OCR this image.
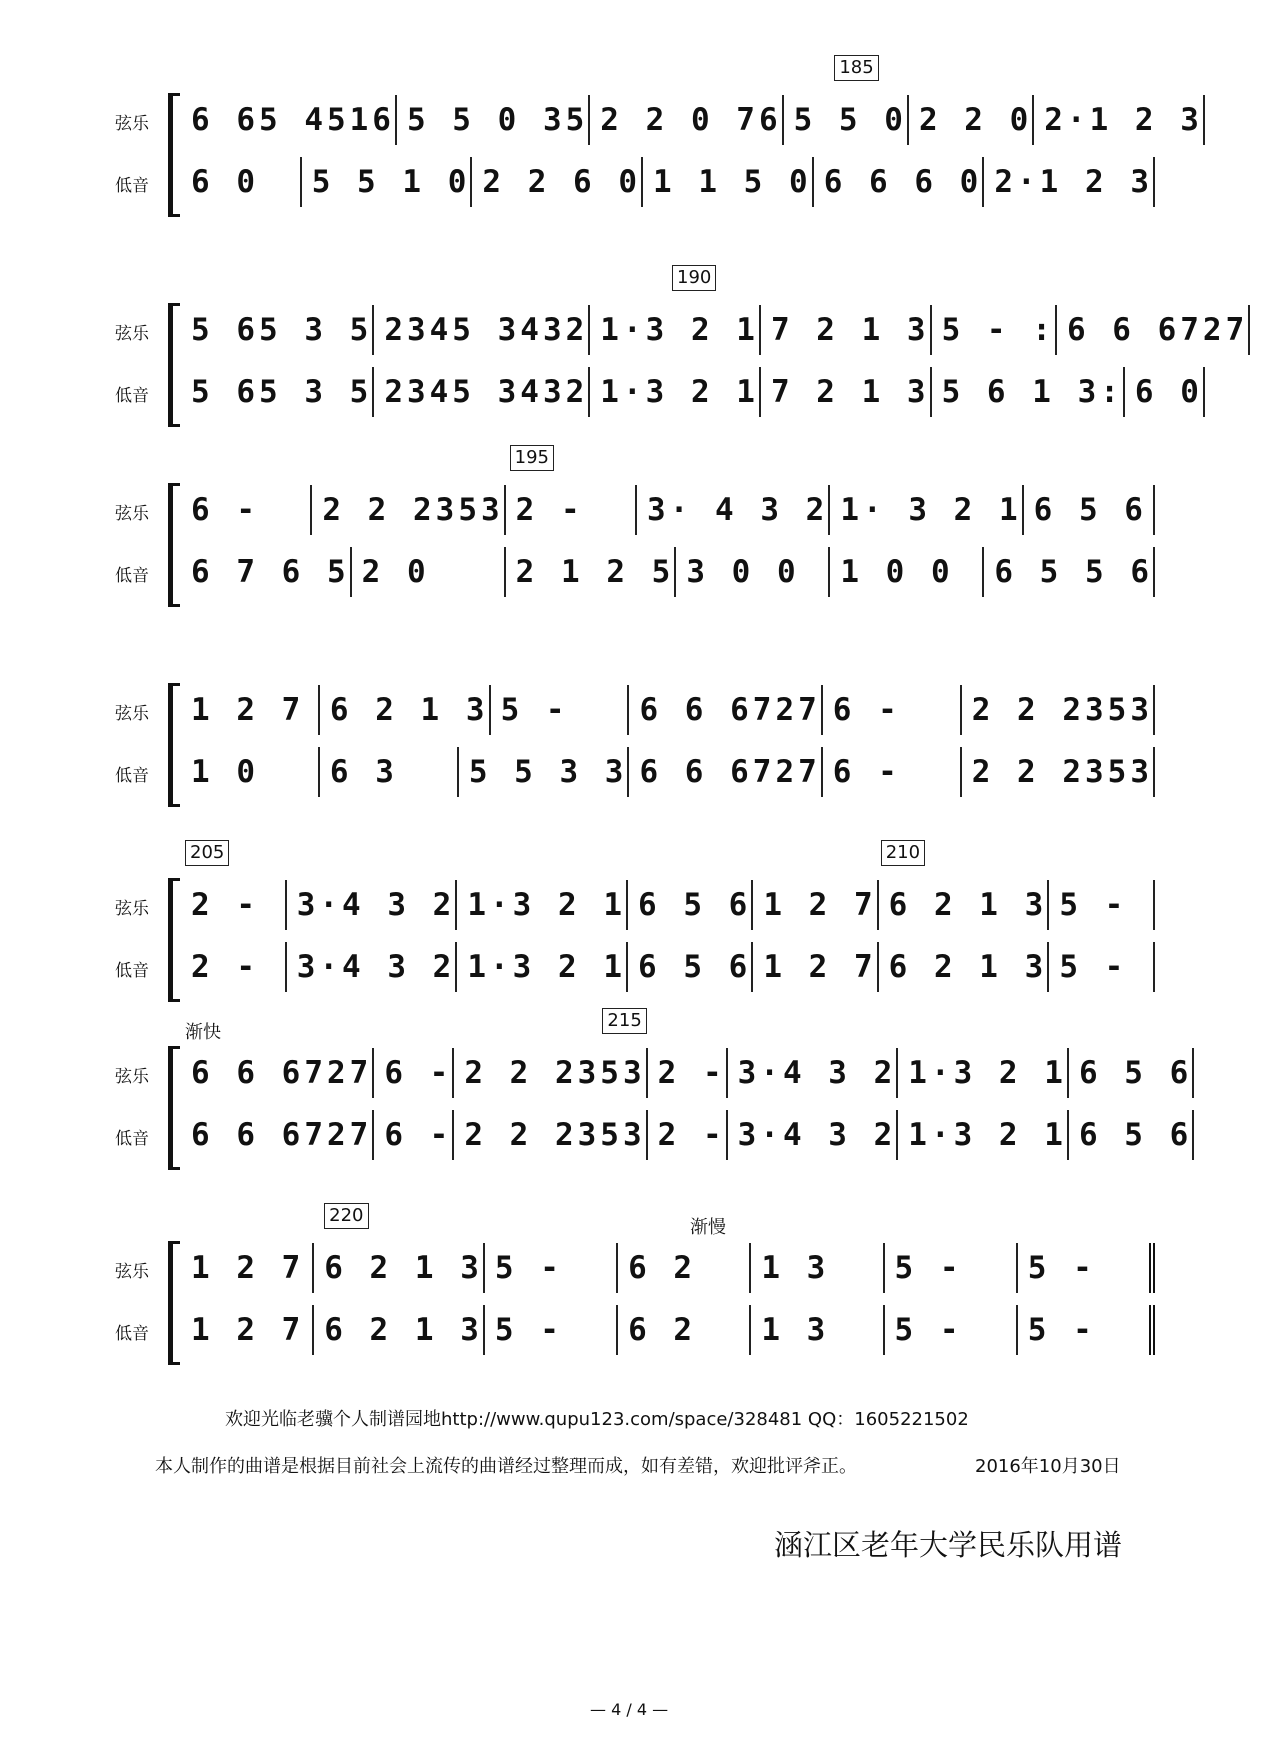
弦乐	6 65 4516 5 5 0 35 2 2 0 76 5 5 0 2 2 0 2·1 2 3
低音	6 0	5 5 1 0 2 2 6 0 1 1 5 0 6 6 6 0 2·1 2 3
185
弦乐	5 65 3 5 2345 3432 1·3 2 1 7 2 1 3 5 - : 6 6 6727
低音	5 65 3 5 2345 3432 1·3 2 1 7 2 1 3 5 6 1 3: 6 0
190
弦乐	6 -	2 2 2353 2 -	3· 4 3 2 1· 3 2 1 6 5 6
低音	6 7 6 5 2 0	2 1 2 5 3 0 0	1 0 0	6 5 5 6
195
弦乐	1 2 7 6 2 1 3 5 -	6 6 6727 6 -	2 2 2353
低音	1 0	6 3	5 5 3 3 6 6 6727 6 -	2 2 2353
弦乐	2 -	3·4 3 2 1·3 2 1 6 5 6 1 2 7 6 2 1 3 5 -
低音	2 -	3·4 3 2 1·3 2 1 6 5 6 1 2 7 6 2 1 3 5 -
205	210
弦乐	6 6 6727 6 - 2 2 2353 2 - 3·4 3 2 1·3 2 1 6 5 6
低音	6 6 6727 6 - 2 2 2353 2 - 3·4 3 2 1·3 2 1 6 5 6
215
渐快
弦乐	1 2 7 6 2 1 3 5 -	6 2	1 3	5 -	5 -
低音	1 2 7 6 2 1 3 5 -	6 2	1 3	5 -	5 -
220
渐慢
欢迎光临老骥个人制谱园地http://www.qupu123.com/space/328481 QQ：1605221502
本人制作的曲谱是根据目前社会上流传的曲谱经过整理而成，如有差错，欢迎批评斧正。	2016年10月30日
涵江区老年大学民乐队用谱
— 4 / 4 —
